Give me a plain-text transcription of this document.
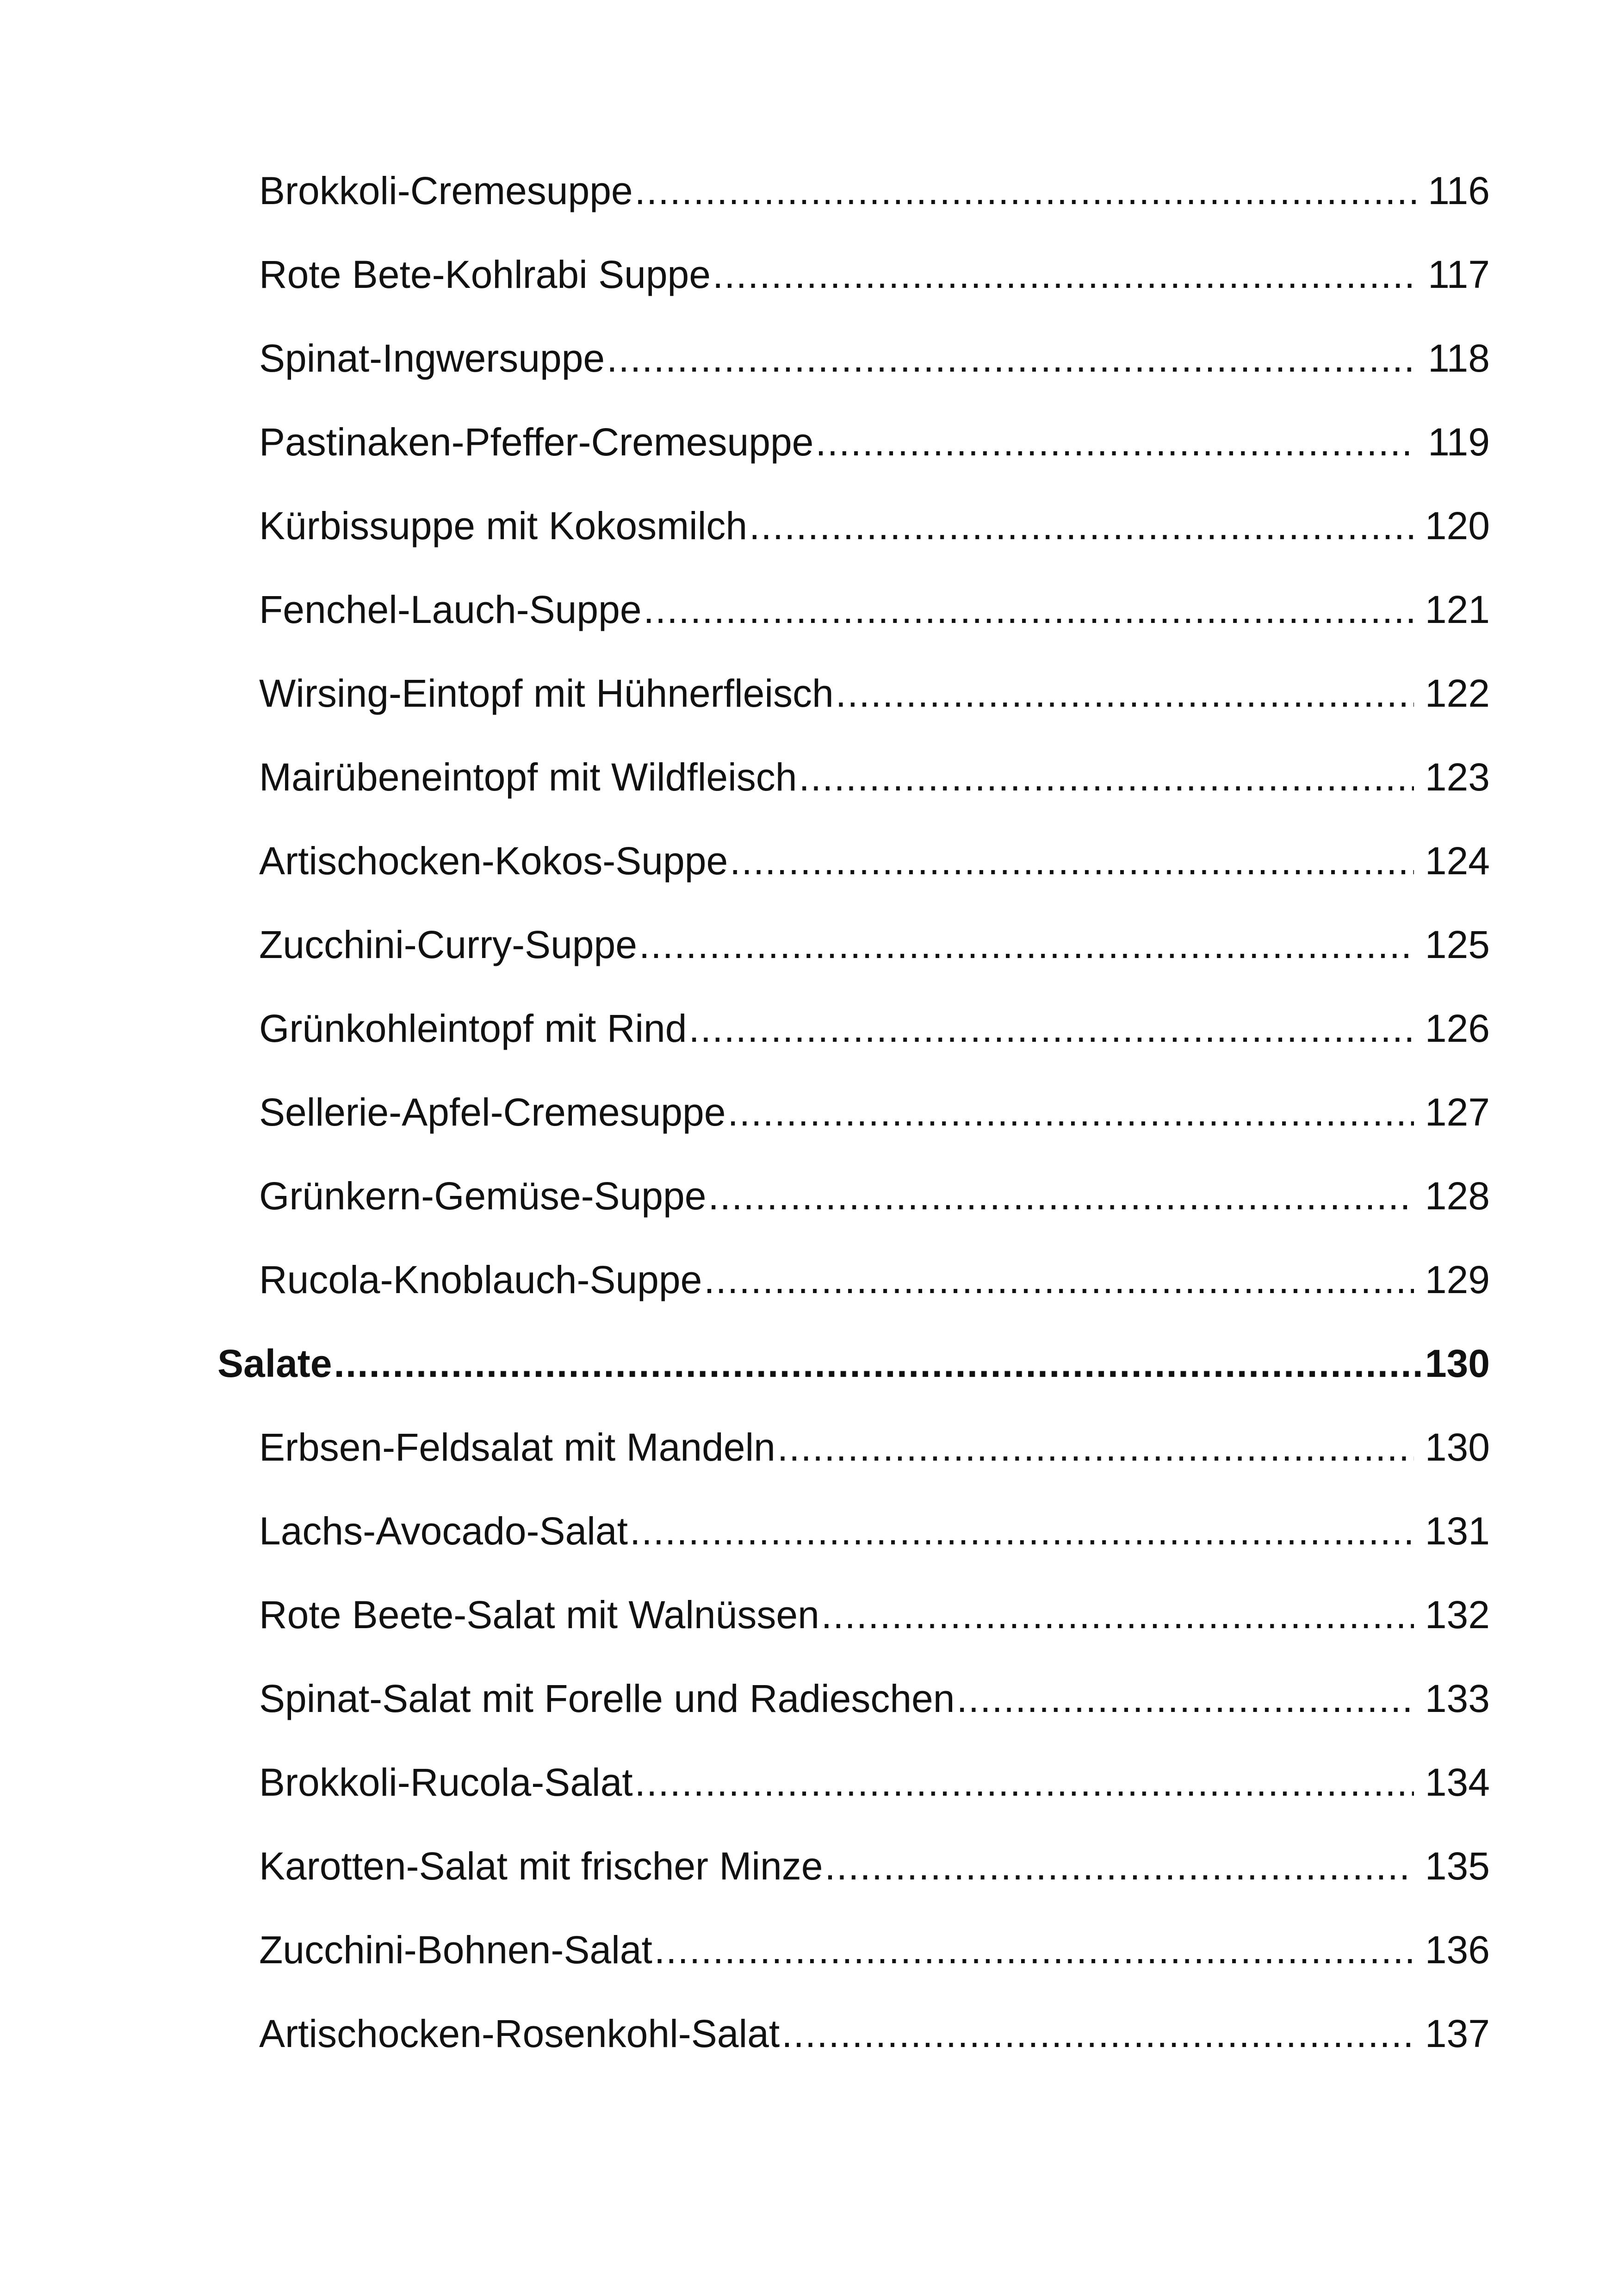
Brokkoli-Cremesuppe .....	116
Rote Bete-Kohlrabi Suppe .....	117
Spinat-Ingwersuppe .....	118
Pastinaken-Pfeffer-Cremesuppe .....	119
Kürbissuppe mit Kokosmilch .....	120
Fenchel-Lauch-Suppe .....	121
Wirsing-Eintopf mit Hühnerfleisch .....	122
Mairübeneintopf mit Wildfleisch .....	123
Artischocken-Kokos-Suppe .....	124
Zucchini-Curry-Suppe .....	125
Grünkohleintopf mit Rind .....	126
Sellerie-Apfel-Cremesuppe .....	127
Grünkern-Gemüse-Suppe .....	128
Rucola-Knoblauch-Suppe .....	129
Salate .....	130
Erbsen-Feldsalat mit Mandeln .....	130
Lachs-Avocado-Salat .....	131
Rote Beete-Salat mit Walnüssen .....	132
Spinat-Salat mit Forelle und Radieschen .....	133
Brokkoli-Rucola-Salat .....	134
Karotten-Salat mit frischer Minze .....	135
Zucchini-Bohnen-Salat .....	136
Artischocken-Rosenkohl-Salat .....	137
